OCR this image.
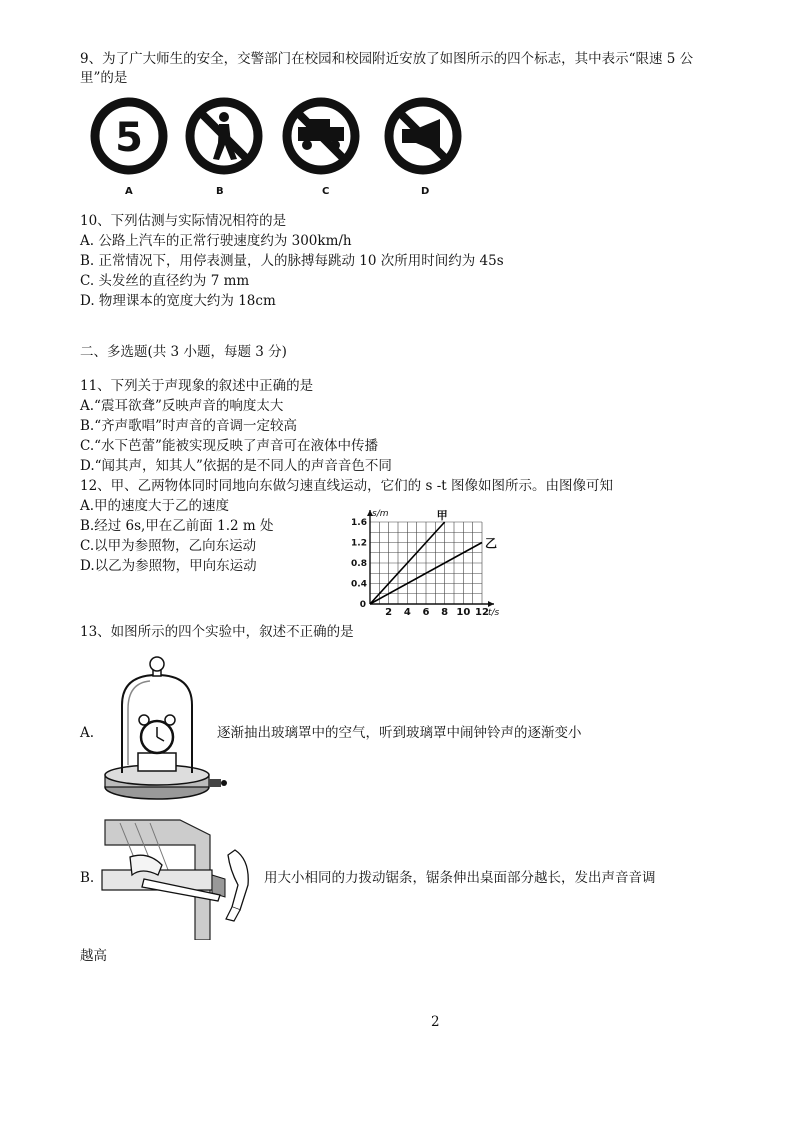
9、为了广大师生的安全，交警部门在校园和校园附近安放了如图所示的四个标志，其中表示“限速 5 公
里”的是
5
A	B	C	D
10、下列估测与实际情况相符的是
A. 公路上汽车的正常行驶速度约为 300km/h
B. 正常情况下，用停表测量，人的脉搏每跳动 10 次所用时间约为 45s
C. 头发丝的直径约为 7 mm
D. 物理课本的宽度大约为 18cm
二、多选题(共 3 小题，每题 3 分)
11、下列关于声现象的叙述中正确的是
A.“震耳欲聋”反映声音的响度太大
B.“齐声歌唱”时声音的音调一定较高
C.“水下芭蕾”能被实现反映了声音可在液体中传播
D.“闻其声，知其人”依据的是不同人的声音音色不同
12、甲、乙两物体同时同地向东做匀速直线运动，它们的 s -t 图像如图所示。由图像可知
A.甲的速度大于乙的速度
B.经过 6s,甲在乙前面 1.2 m 处
C.以甲为参照物，乙向东运动
D.以乙为参照物，甲向东运动
2 4 6 8 10 12
0.4
0.8
1.2
1.6
0
s/m
t/s
甲
乙
13、如图所示的四个实验中，叙述不正确的是
A.	逐渐抽出玻璃罩中的空气，听到玻璃罩中闹钟铃声的逐渐变小
B.	用大小相同的力拨动锯条，锯条伸出桌面部分越长，发出声音音调
越高
2
